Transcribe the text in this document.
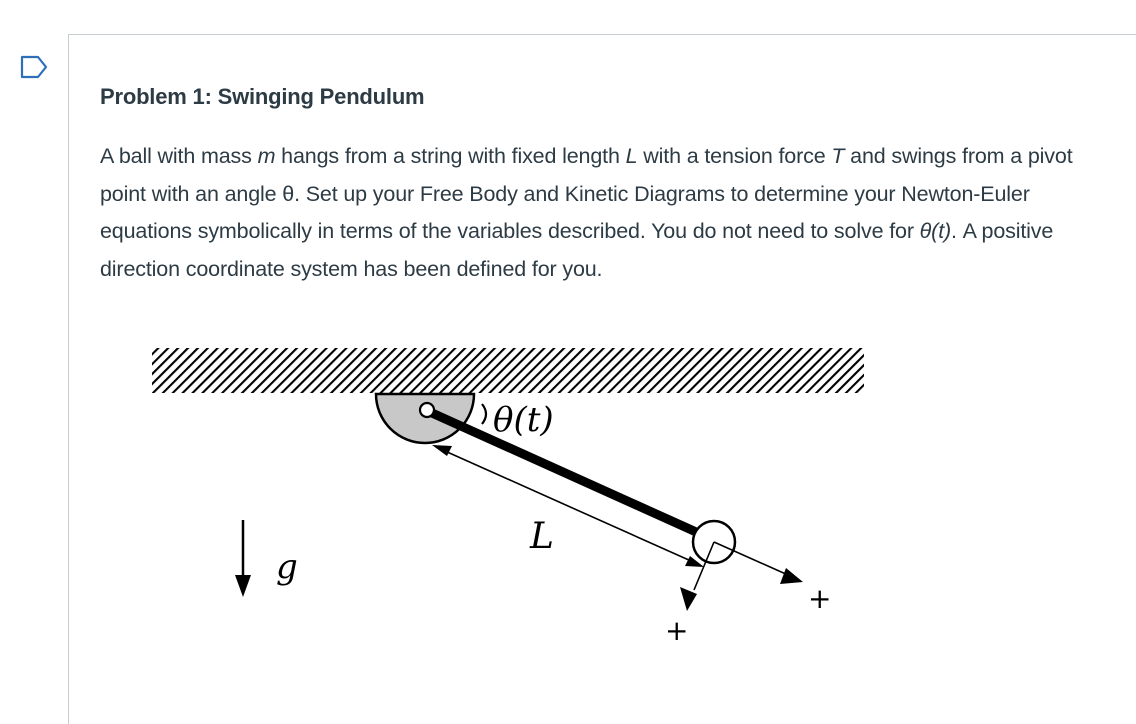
Problem 1: Swinging Pendulum

A ball with mass m hangs from a string with fixed length L with a tension force T and swings from a pivot point with an angle θ. Set up your Free Body and Kinetic Diagrams to determine your Newton-Euler equations symbolically in terms of the variables described. You do not need to solve for θ(t). A positive direction coordinate system has been defined for you.

θ(t)
L
+
+
g
